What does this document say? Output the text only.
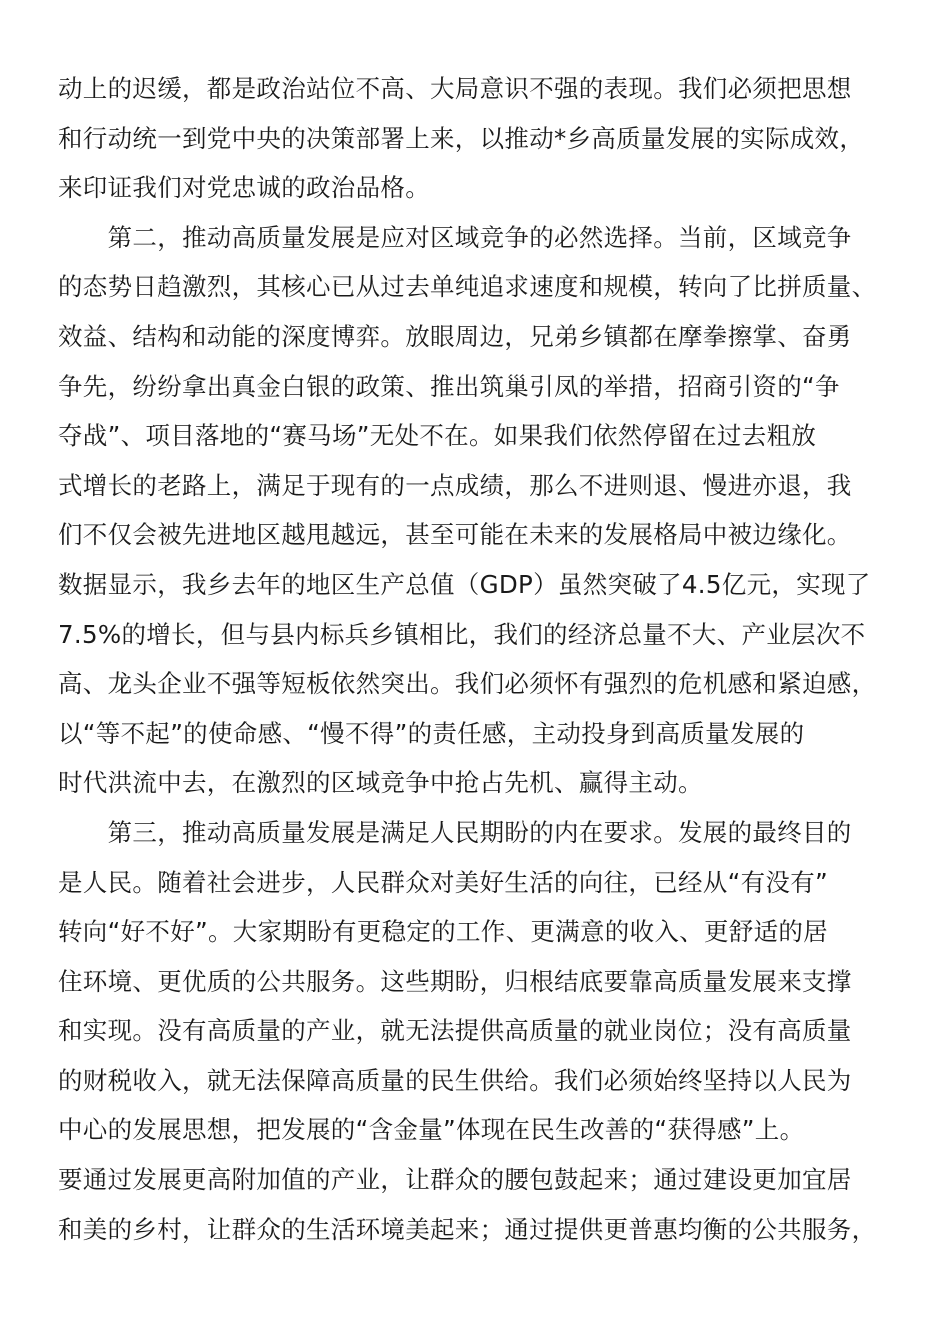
动上的迟缓，都是政治站位不高、大局意识不强的表现。我们必须把思想
和行动统一到党中央的决策部署上来，以推动*乡高质量发展的实际成效，
来印证我们对党忠诚的政治品格。
　　第二，推动高质量发展是应对区域竞争的必然选择。当前，区域竞争
的态势日趋激烈，其核心已从过去单纯追求速度和规模，转向了比拼质量、
效益、结构和动能的深度博弈。放眼周边，兄弟乡镇都在摩拳擦掌、奋勇
争先，纷纷拿出真金白银的政策、推出筑巢引凤的举措，招商引资的“争
夺战”、项目落地的“赛马场”无处不在。如果我们依然停留在过去粗放
式增长的老路上，满足于现有的一点成绩，那么不进则退、慢进亦退，我
们不仅会被先进地区越甩越远，甚至可能在未来的发展格局中被边缘化。
数据显示，我乡去年的地区生产总值（GDP）虽然突破了4.5亿元，实现了
7.5%的增长，但与县内标兵乡镇相比，我们的经济总量不大、产业层次不
高、龙头企业不强等短板依然突出。我们必须怀有强烈的危机感和紧迫感，
以“等不起”的使命感、“慢不得”的责任感，主动投身到高质量发展的
时代洪流中去，在激烈的区域竞争中抢占先机、赢得主动。
　　第三，推动高质量发展是满足人民期盼的内在要求。发展的最终目的
是人民。随着社会进步，人民群众对美好生活的向往，已经从“有没有”
转向“好不好”。大家期盼有更稳定的工作、更满意的收入、更舒适的居
住环境、更优质的公共服务。这些期盼，归根结底要靠高质量发展来支撑
和实现。没有高质量的产业，就无法提供高质量的就业岗位；没有高质量
的财税收入，就无法保障高质量的民生供给。我们必须始终坚持以人民为
中心的发展思想，把发展的“含金量”体现在民生改善的“获得感”上。
要通过发展更高附加值的产业，让群众的腰包鼓起来；通过建设更加宜居
和美的乡村，让群众的生活环境美起来；通过提供更普惠均衡的公共服务，
